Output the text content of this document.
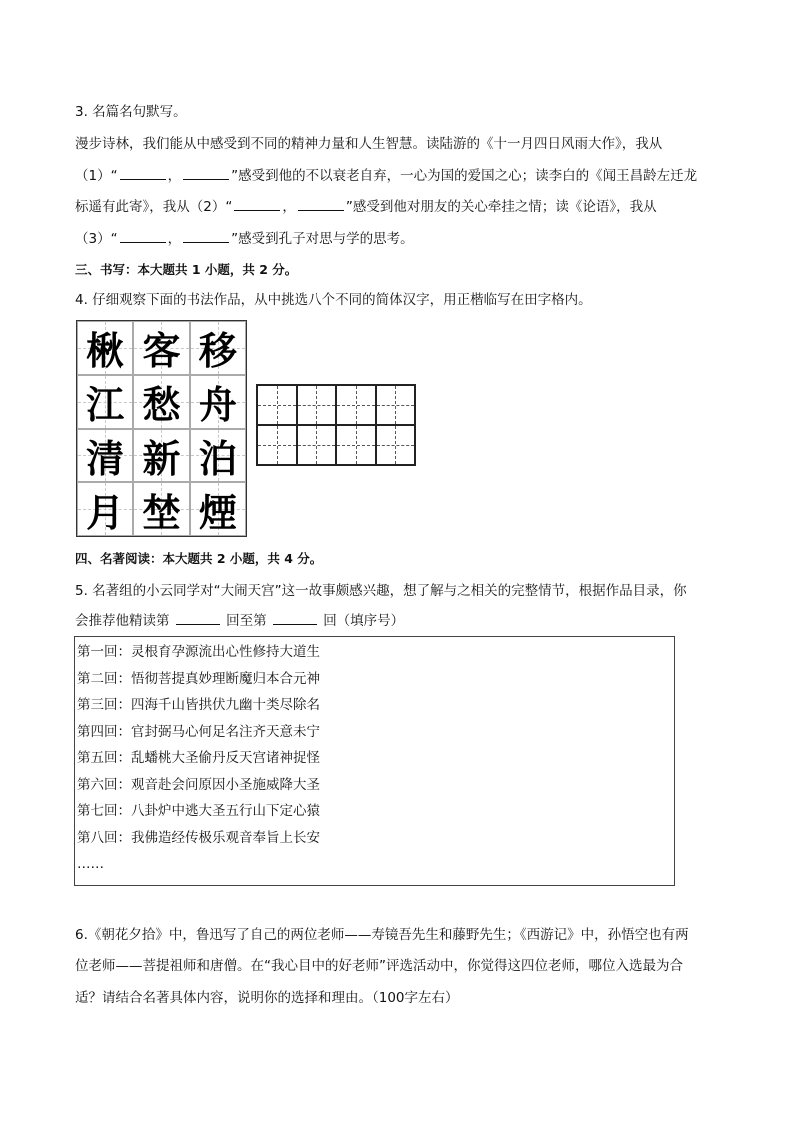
3. 名篇名句默写。
漫步诗林，我们能从中感受到不同的精神力量和人生智慧。读陆游的《十一月四日风雨大作》，我从
（1）“	，	”感受到他的不以衰老自弃，一心为国的爱国之心；读李白的《闻王昌龄左迁龙
标遥有此寄》，我从（2）“	，	”感受到他对朋友的关心牵挂之情；读《论语》，我从
（3）“	，	”感受到孔子对思与学的思考。
三、书写：本大题共 1 小题，共 2 分。
4. 仔细观察下面的书法作品，从中挑选八个不同的简体汉字，用正楷临写在田字格内。
楸 客 移
江 愁 舟
清 新 泊
月 埜 煙
四、名著阅读：本大题共 2 小题，共 4 分。
5. 名著组的小云同学对“大闹天宫”这一故事颇感兴趣，想了解与之相关的完整情节，根据作品目录，你
会推荐他精读第	回至第	回（填序号）
第一回：灵根育孕源流出心性修持大道生
第二回：悟彻菩提真妙理断魔归本合元神
第三回：四海千山皆拱伏九幽十类尽除名
第四回：官封弼马心何足名注齐天意未宁
第五回：乱蟠桃大圣偷丹反天宫诸神捉怪
第六回：观音赴会问原因小圣施威降大圣
第七回：八卦炉中逃大圣五行山下定心猿
第八回：我佛造经传极乐观音奉旨上长安
……
6.《朝花夕拾》中，鲁迅写了自己的两位老师——寿镜吾先生和藤野先生；《西游记》中，孙悟空也有两
位老师——菩提祖师和唐僧。在“我心目中的好老师”评选活动中，你觉得这四位老师，哪位入选最为合
适？请结合名著具体内容，说明你的选择和理由。（100字左右）
